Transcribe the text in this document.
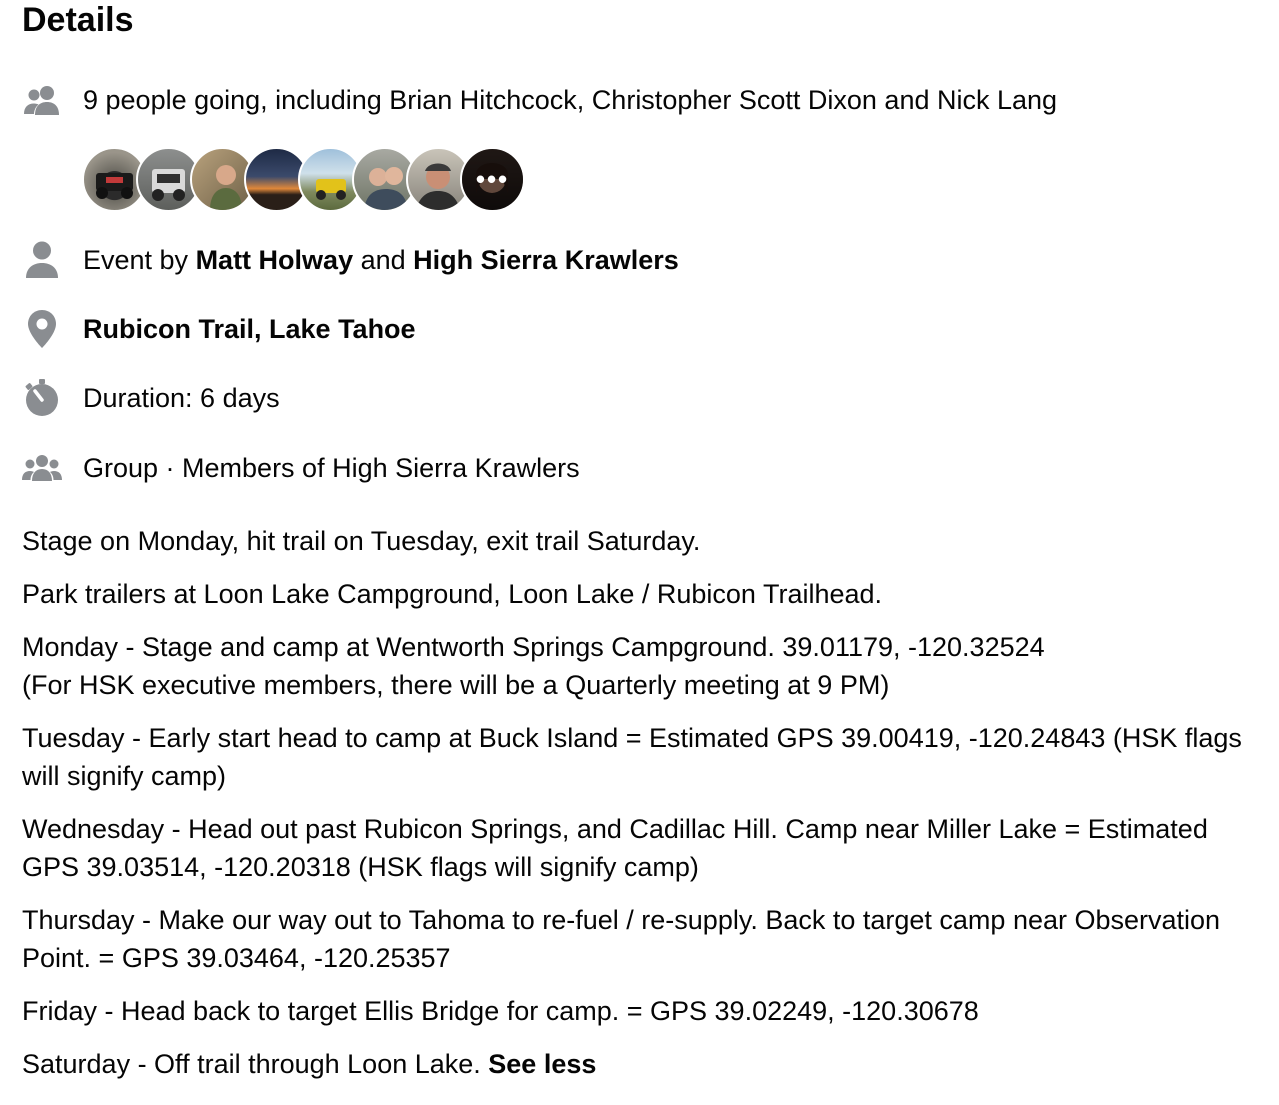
Details
9 people going, including Brian Hitchcock, Christopher Scott Dixon and Nick Lang
•••
Event by Matt Holway and High Sierra Krawlers
Rubicon Trail, Lake Tahoe
Duration: 6 days
Group · Members of High Sierra Krawlers

Stage on Monday, hit trail on Tuesday, exit trail Saturday.

Park trailers at Loon Lake Campground, Loon Lake / Rubicon Trailhead.

Monday - Stage and camp at Wentworth Springs Campground. 39.01179, -120.32524
(For HSK executive members, there will be a Quarterly meeting at 9 PM)

Tuesday - Early start head to camp at Buck Island = Estimated GPS 39.00419, -120.24843 (HSK flags will signify camp)

Wednesday - Head out past Rubicon Springs, and Cadillac Hill. Camp near Miller Lake = Estimated GPS 39.03514, -120.20318 (HSK flags will signify camp)

Thursday - Make our way out to Tahoma to re-fuel / re-supply. Back to target camp near Observation Point. = GPS 39.03464, -120.25357

Friday - Head back to target Ellis Bridge for camp. = GPS 39.02249, -120.30678

Saturday - Off trail through Loon Lake. See less
